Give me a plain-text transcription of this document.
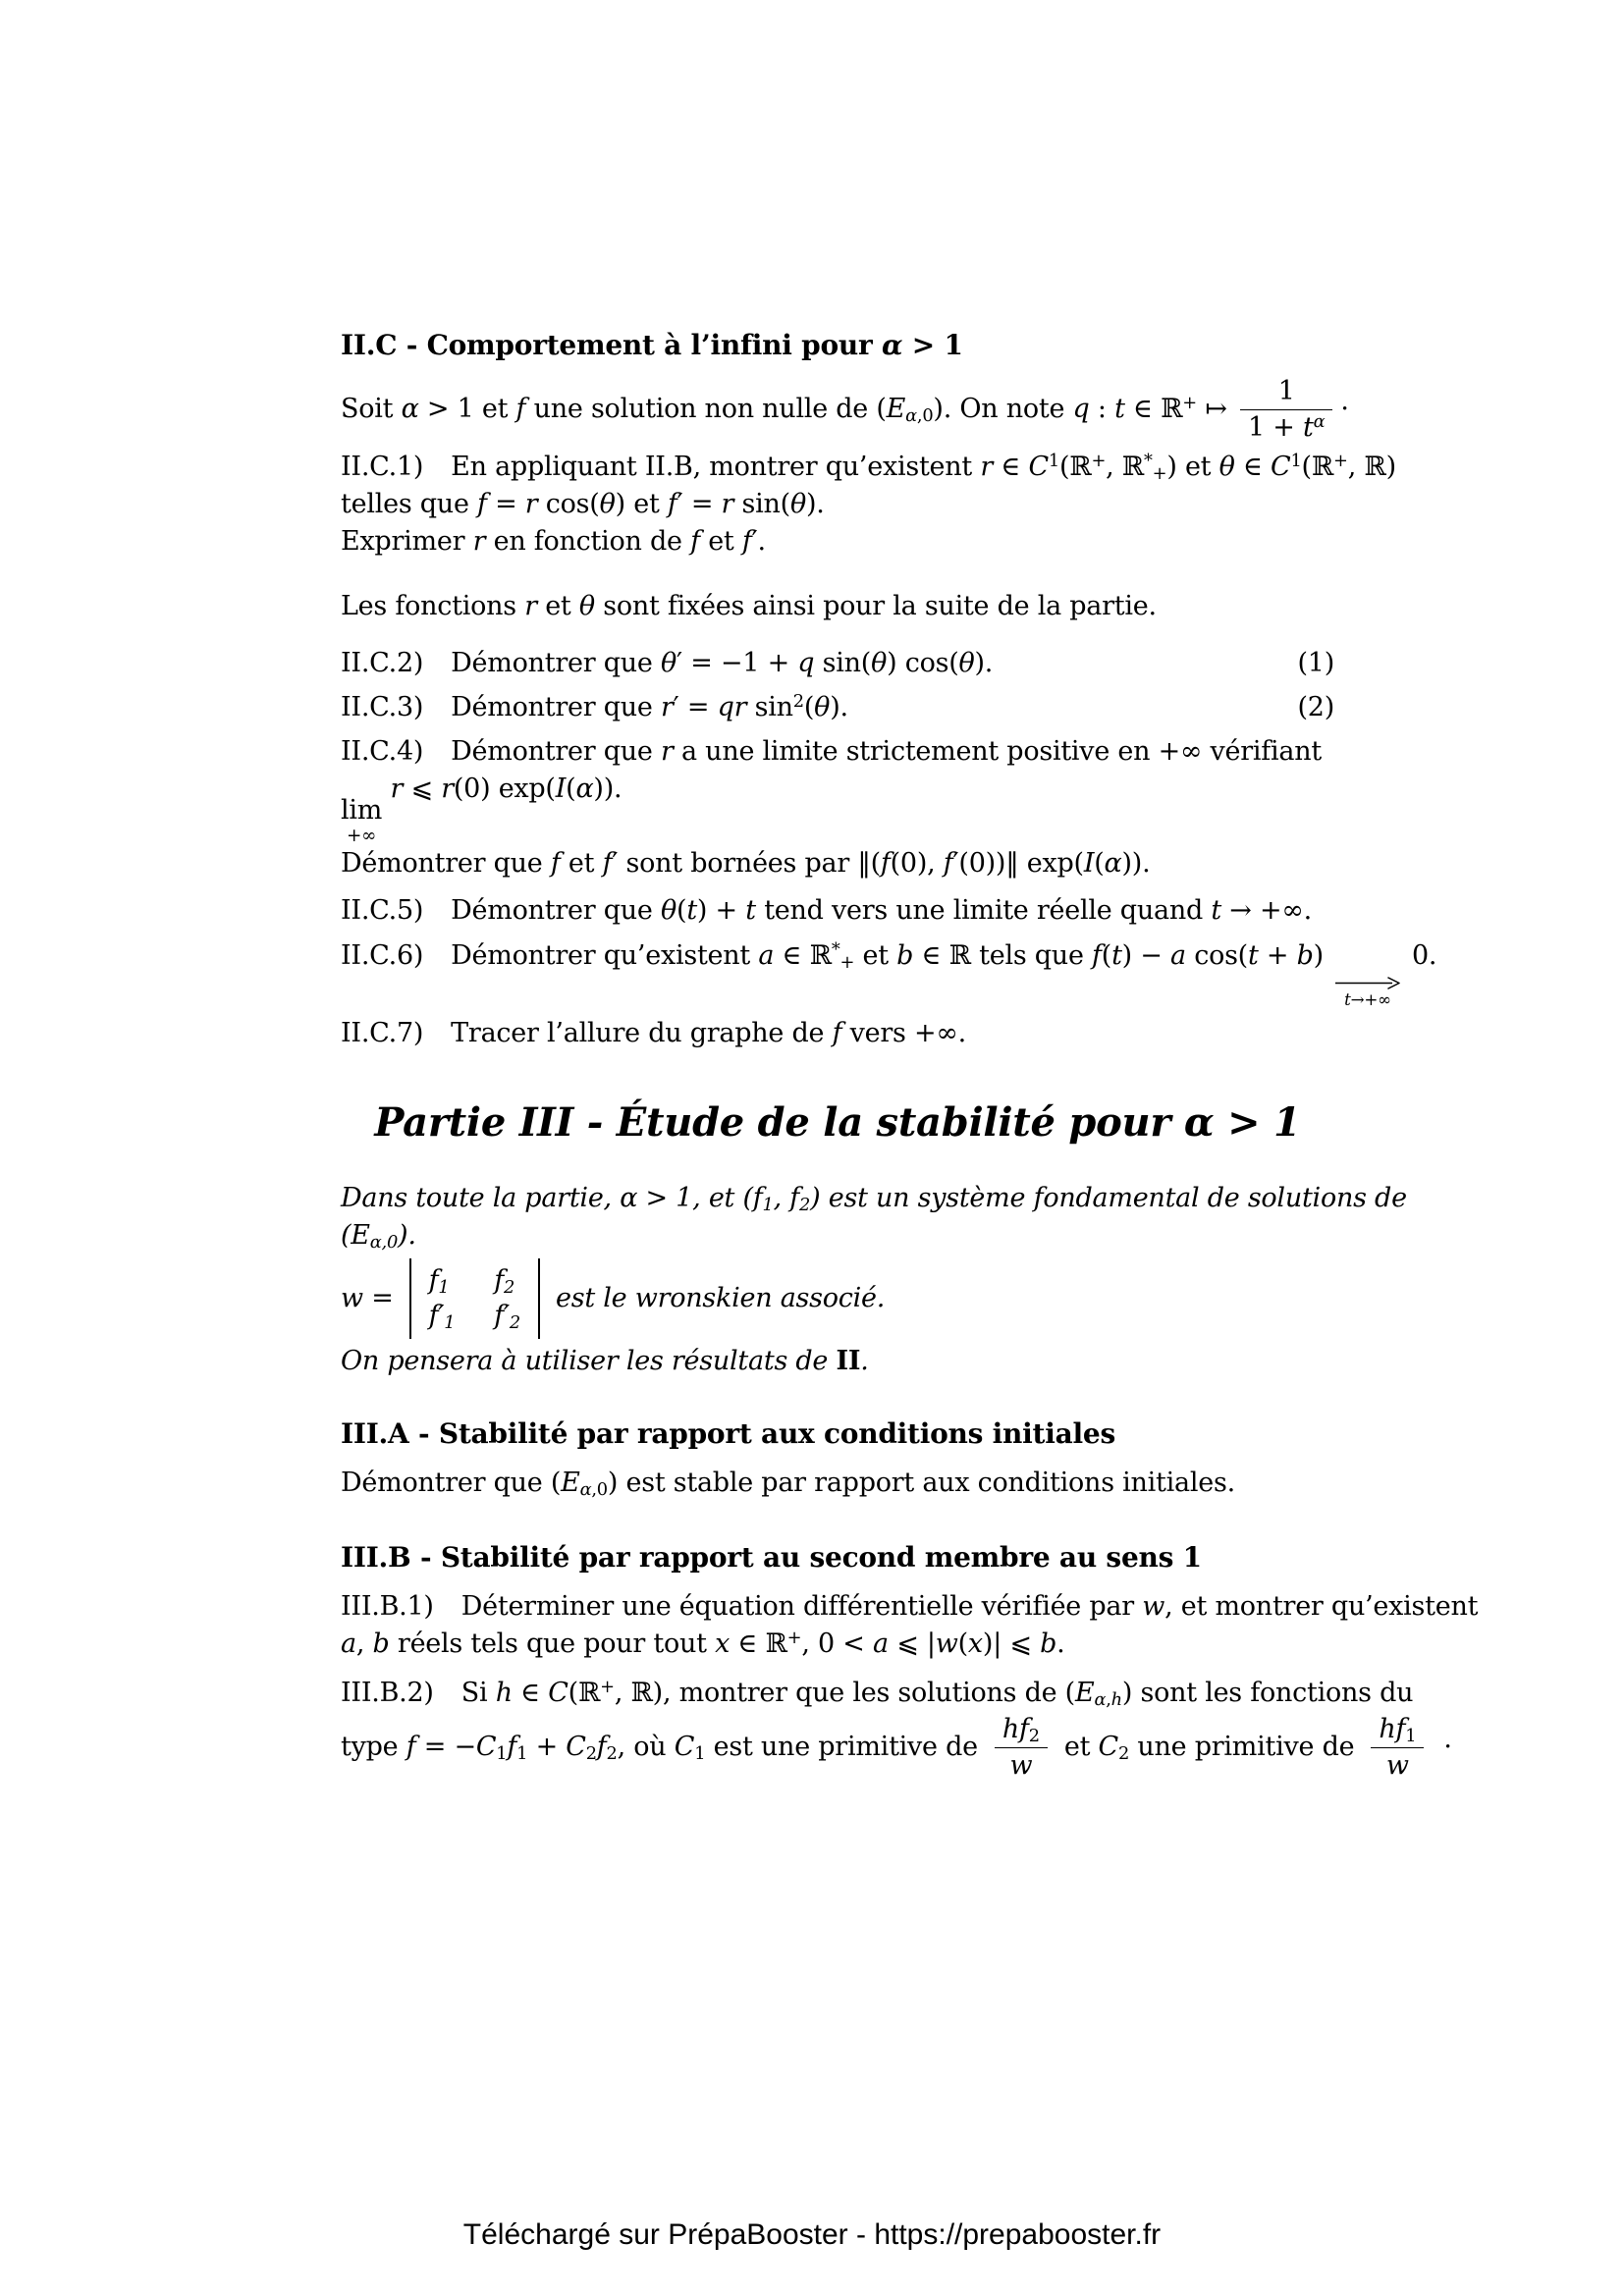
II.C - Comportement à l’infini pour α > 1

Soit α > 1 et f une solution non nulle de $(E_{\alpha,0})$. On note q : t ∈ ℝ+ ↦ $\frac{1}{1 + t^\alpha}$ ·

II.C.1) En appliquant II.B, montrer qu’existent r ∈ $C^1(ℝ^+$, ℝ*$_+$) et θ ∈ $C^1(ℝ^+$, ℝ)

telles que f = r cos(θ) et f′ = r sin(θ).

Exprimer r en fonction de f et f′.

Les fonctions r et θ sont fixées ainsi pour la suite de la partie.

II.C.2) Démontrer que θ′ = −1 + q sin(θ) cos(θ).	(1)
II.C.3) Démontrer que r′ = qr $\sin^2(\theta)$.	(2)

II.C.4) Démontrer que r a une limite strictement positive en +∞ vérifiant

lim
+∞
r ⩽ r(0) exp(I(α)).

Démontrer que f et f′ sont bornées par ‖(f(0), f′(0))‖ exp(I(α)).

II.C.5) Démontrer que θ(t) + t tend vers une limite réelle quand t → +∞.

II.C.6) Démontrer qu’existent a ∈ ℝ*$_+$ et b ∈ ℝ tels que f(t) − a cos(t + b)
t→+∞
0.

II.C.7) Tracer l’allure du graphe de f vers +∞.

Partie III - Étude de la stabilité pour α > 1

Dans toute la partie, α > 1, et ($f_1$, $f_2$) est un système fondamental de solutions de

$(E_{\alpha,0})$.

w =
$f_1$ $f_2$
$f'_1$ $f'_2$
est le wronskien associé.

On pensera à utiliser les résultats de II.

III.A - Stabilité par rapport aux conditions initiales

Démontrer que $(E_{\alpha,0})$ est stable par rapport aux conditions initiales.

III.B - Stabilité par rapport au second membre au sens 1

III.B.1) Déterminer une équation différentielle vérifiée par w, et montrer qu’existent

a, b réels tels que pour tout x ∈ ℝ+, 0 < a ⩽ |w(x)| ⩽ b.

III.B.2) Si h ∈ C(ℝ+, ℝ), montrer que les solutions de $(E_{\alpha,h})$ sont les fonctions du

type $f = -C_1f_1 + C_2f_2$, où $C_1$ est une primitive de $\frac{hf_2}{w}$ et $C_2$ une primitive de $\frac{hf_1}{w}$ ·
Téléchargé sur PrépaBooster - https://prepabooster.fr
